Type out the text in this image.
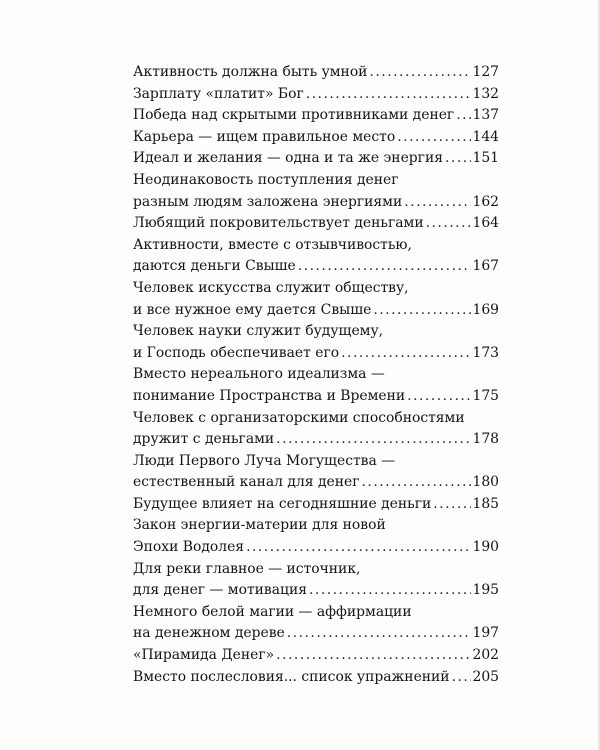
Активность должна быть умной .....	127
Зарплату «платит» Бог .....	132
Победа над скрытыми противниками денег ..... 137
Карьера — ищем правильное место .....	144
Идеал и желания — одна и та же энергия ..... 151
Неодинаковость поступления денег
разным людям заложена энергиями .....	162
Любящий покровительствует деньгами .....	164
Активности, вместе с отзывчивостью,
даются деньги Свыше .....	167
Человек искусства служит обществу,
и все нужное ему дается Свыше .....	169
Человек науки служит будущему,
и Господь обеспечивает его .....	173
Вместо нереального идеализма —
понимание Пространства и Времени .....	175
Человек с организаторскими способностями
дружит с деньгами .....	178
Люди Первого Луча Могущества —
естественный канал для денег .....	180
Будущее влияет на сегодняшние деньги .....	185
Закон энергии-материи для новой
Эпохи Водолея .....	190
Для реки главное — источник,
для денег — мотивация .....	195
Немного белой магии — аффирмации
на денежном дереве .....	197
«Пирамида Денег» .....	202
Вместо послесловия... список упражнений ..... 205
